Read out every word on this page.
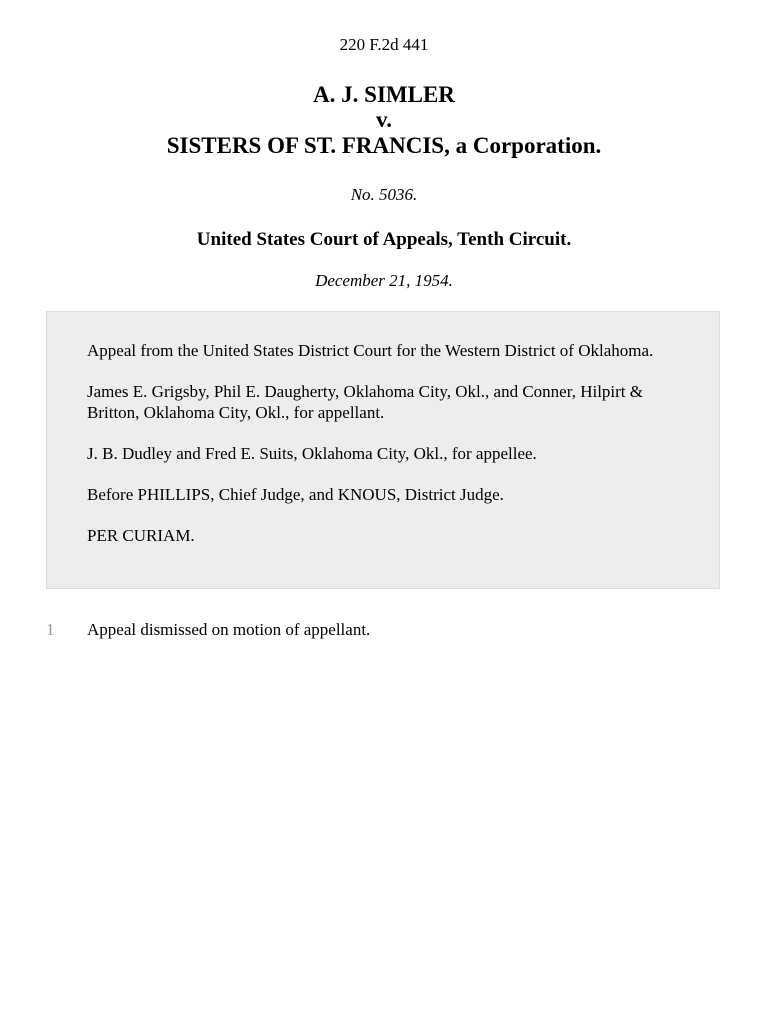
220 F.2d 441
A. J. SIMLER
v.
SISTERS OF ST. FRANCIS, a Corporation.
No. 5036.
United States Court of Appeals, Tenth Circuit.
December 21, 1954.

Appeal from the United States District Court for the Western District of Oklahoma.

James E. Grigsby, Phil E. Daugherty, Oklahoma City, Okl., and Conner, Hilpirt & Britton, Oklahoma City, Okl., for appellant.

J. B. Dudley and Fred E. Suits, Oklahoma City, Okl., for appellee.

Before PHILLIPS, Chief Judge, and KNOUS, District Judge.

PER CURIAM.

1 Appeal dismissed on motion of appellant.
